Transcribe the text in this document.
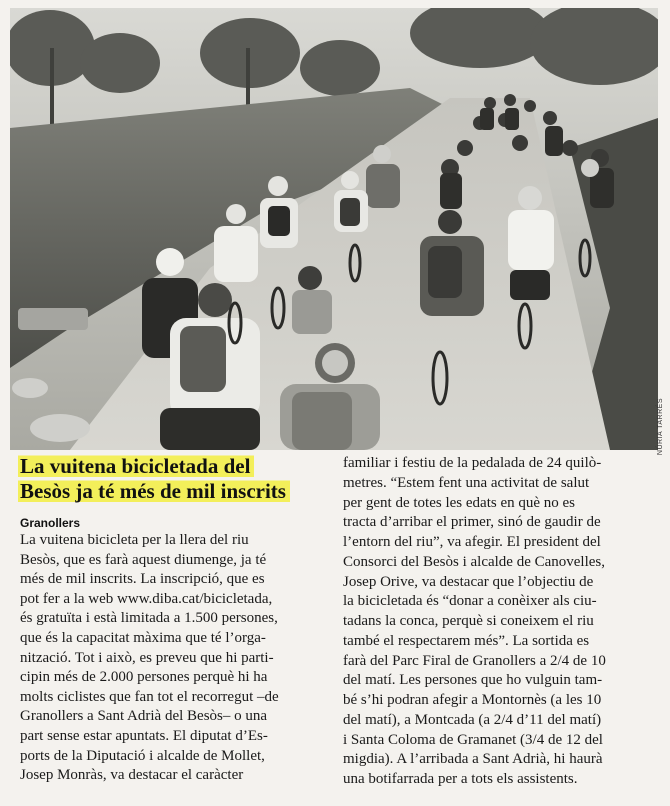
NÚRIA TARRÉS
La vuitena bicicletada del
Besòs ja té més de mil inscrits
Granollers
La vuitena bicicleta per la llera del riu
Besòs, que es farà aquest diumenge, ja té
més de mil inscrits. La inscripció, que es
pot fer a la web www.diba.cat/bicicletada,
és gratuïta i està limitada a 1.500 persones,
que és la capacitat màxima que té l’orga-
nització. Tot i això, es preveu que hi parti-
cipin més de 2.000 persones perquè hi ha
molts ciclistes que fan tot el recorregut –de
Granollers a Sant Adrià del Besòs– o una
part sense estar apuntats. El diputat d’Es-
ports de la Diputació i alcalde de Mollet,
Josep Monràs, va destacar el caràcter
familiar i festiu de la pedalada de 24 quilò-
metres. “Estem fent una activitat de salut
per gent de totes les edats en què no es
tracta d’arribar el primer, sinó de gaudir de
l’entorn del riu”, va afegir. El president del
Consorci del Besòs i alcalde de Canovelles,
Josep Orive, va destacar que l’objectiu de
la bicicletada és “donar a conèixer als ciu-
tadans la conca, perquè si coneixem el riu
també el respectarem més”. La sortida es
farà del Parc Firal de Granollers a 2/4 de 10
del matí. Les persones que ho vulguin tam-
bé s’hi podran afegir a Montornès (a les 10
del matí), a Montcada (a 2/4 d’11 del matí)
i Santa Coloma de Gramanet (3/4 de 12 del
migdia). A l’arribada a Sant Adrià, hi haurà
una botifarrada per a tots els assistents.
